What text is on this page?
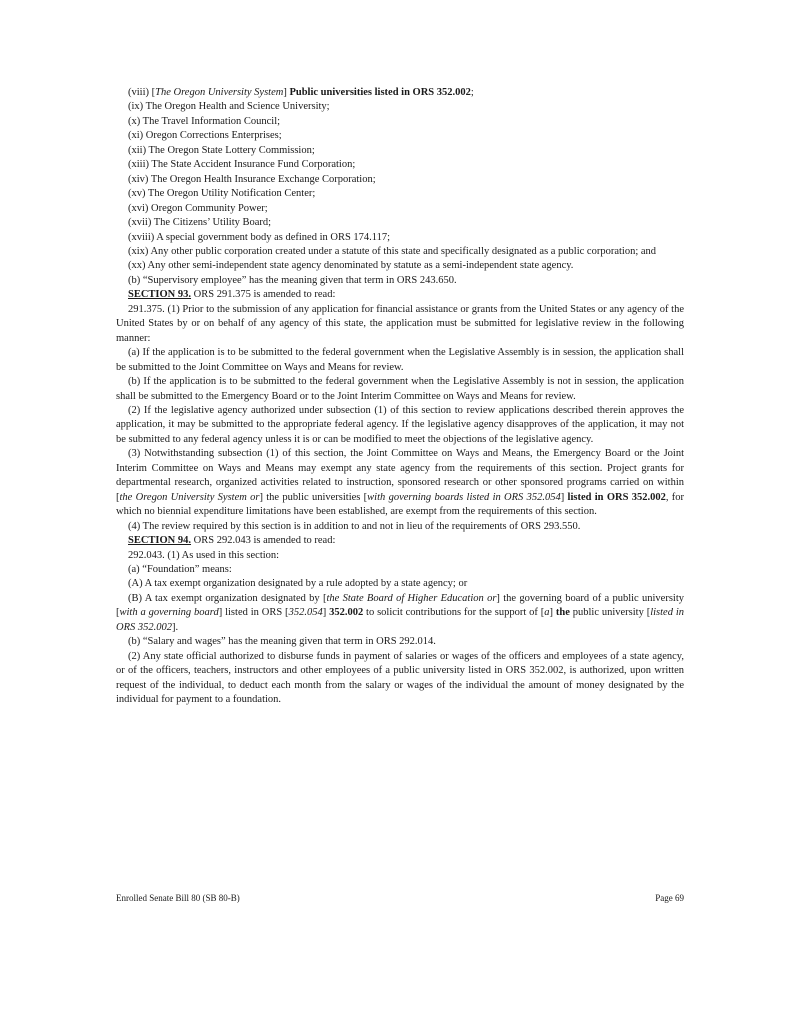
(viii) [The Oregon University System] Public universities listed in ORS 352.002;

(ix) The Oregon Health and Science University;

(x) The Travel Information Council;

(xi) Oregon Corrections Enterprises;

(xii) The Oregon State Lottery Commission;

(xiii) The State Accident Insurance Fund Corporation;

(xiv) The Oregon Health Insurance Exchange Corporation;

(xv) The Oregon Utility Notification Center;

(xvi) Oregon Community Power;

(xvii) The Citizens’ Utility Board;

(xviii) A special government body as defined in ORS 174.117;

(xix) Any other public corporation created under a statute of this state and specifically designated as a public corporation; and

(xx) Any other semi-independent state agency denominated by statute as a semi-independent state agency.

(b) “Supervisory employee” has the meaning given that term in ORS 243.650.

SECTION 93. ORS 291.375 is amended to read:

291.375. (1) Prior to the submission of any application for financial assistance or grants from the United States or any agency of the United States by or on behalf of any agency of this state, the application must be submitted for legislative review in the following manner:

(a) If the application is to be submitted to the federal government when the Legislative Assembly is in session, the application shall be submitted to the Joint Committee on Ways and Means for review.

(b) If the application is to be submitted to the federal government when the Legislative Assembly is not in session, the application shall be submitted to the Emergency Board or to the Joint Interim Committee on Ways and Means for review.

(2) If the legislative agency authorized under subsection (1) of this section to review applications described therein approves the application, it may be submitted to the appropriate federal agency. If the legislative agency disapproves of the application, it may not be submitted to any federal agency unless it is or can be modified to meet the objections of the legislative agency.

(3) Notwithstanding subsection (1) of this section, the Joint Committee on Ways and Means, the Emergency Board or the Joint Interim Committee on Ways and Means may exempt any state agency from the requirements of this section. Project grants for departmental research, organized activities related to instruction, sponsored research or other sponsored programs carried on within [the Oregon University System or] the public universities [with governing boards listed in ORS 352.054] listed in ORS 352.002, for which no biennial expenditure limitations have been established, are exempt from the requirements of this section.

(4) The review required by this section is in addition to and not in lieu of the requirements of ORS 293.550.

SECTION 94. ORS 292.043 is amended to read:

292.043. (1) As used in this section:

(a) “Foundation” means:

(A) A tax exempt organization designated by a rule adopted by a state agency; or

(B) A tax exempt organization designated by [the State Board of Higher Education or] the governing board of a public university [with a governing board] listed in ORS [352.054] 352.002 to solicit contributions for the support of [a] the public university [listed in ORS 352.002].

(b) “Salary and wages” has the meaning given that term in ORS 292.014.

(2) Any state official authorized to disburse funds in payment of salaries or wages of the officers and employees of a state agency, or of the officers, teachers, instructors and other employees of a public university listed in ORS 352.002, is authorized, upon written request of the individual, to deduct each month from the salary or wages of the individual the amount of money designated by the individual for payment to a foundation.

Enrolled Senate Bill 80 (SB 80-B)	Page 69
